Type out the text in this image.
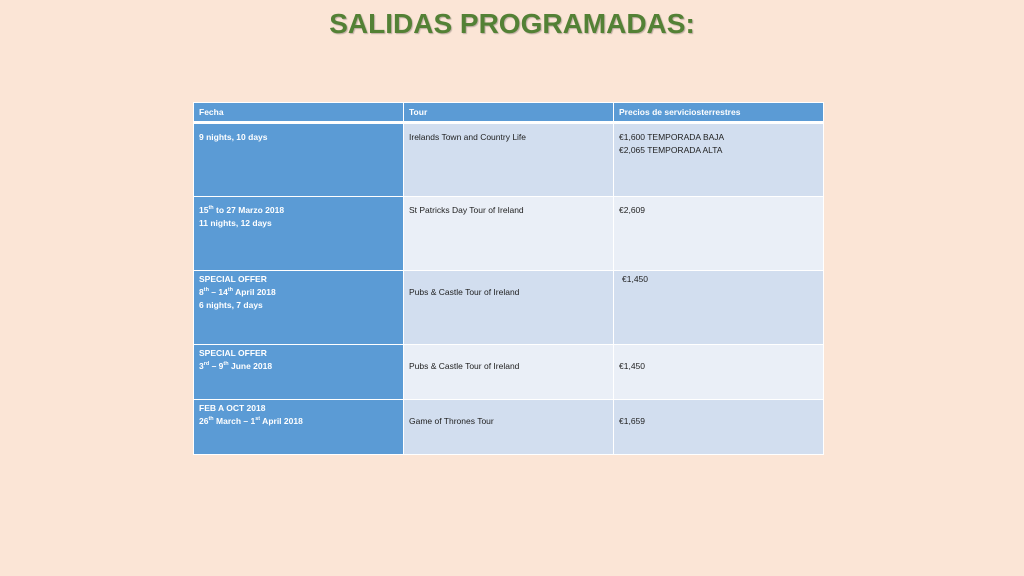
SALIDAS PROGRAMADAS:
Fecha	Tour	Precios de serviciosterrestres

9 nights, 10 days	Irelands Town and Country Life	€1,600 TEMPORADA BAJA
€2,065 TEMPORADA ALTA

15th to 27 Marzo 2018
11 nights, 12 days	St Patricks Day Tour of Ireland	€2,609

SPECIAL OFFER
8th – 14th April 2018
6 nights, 7 days	Pubs & Castle Tour of Ireland	€1,450

SPECIAL OFFER
3rd – 9th June 2018	Pubs & Castle Tour of Ireland	€1,450

FEB A OCT 2018
26th March – 1st April 2018	Game of Thrones Tour	€1,659
